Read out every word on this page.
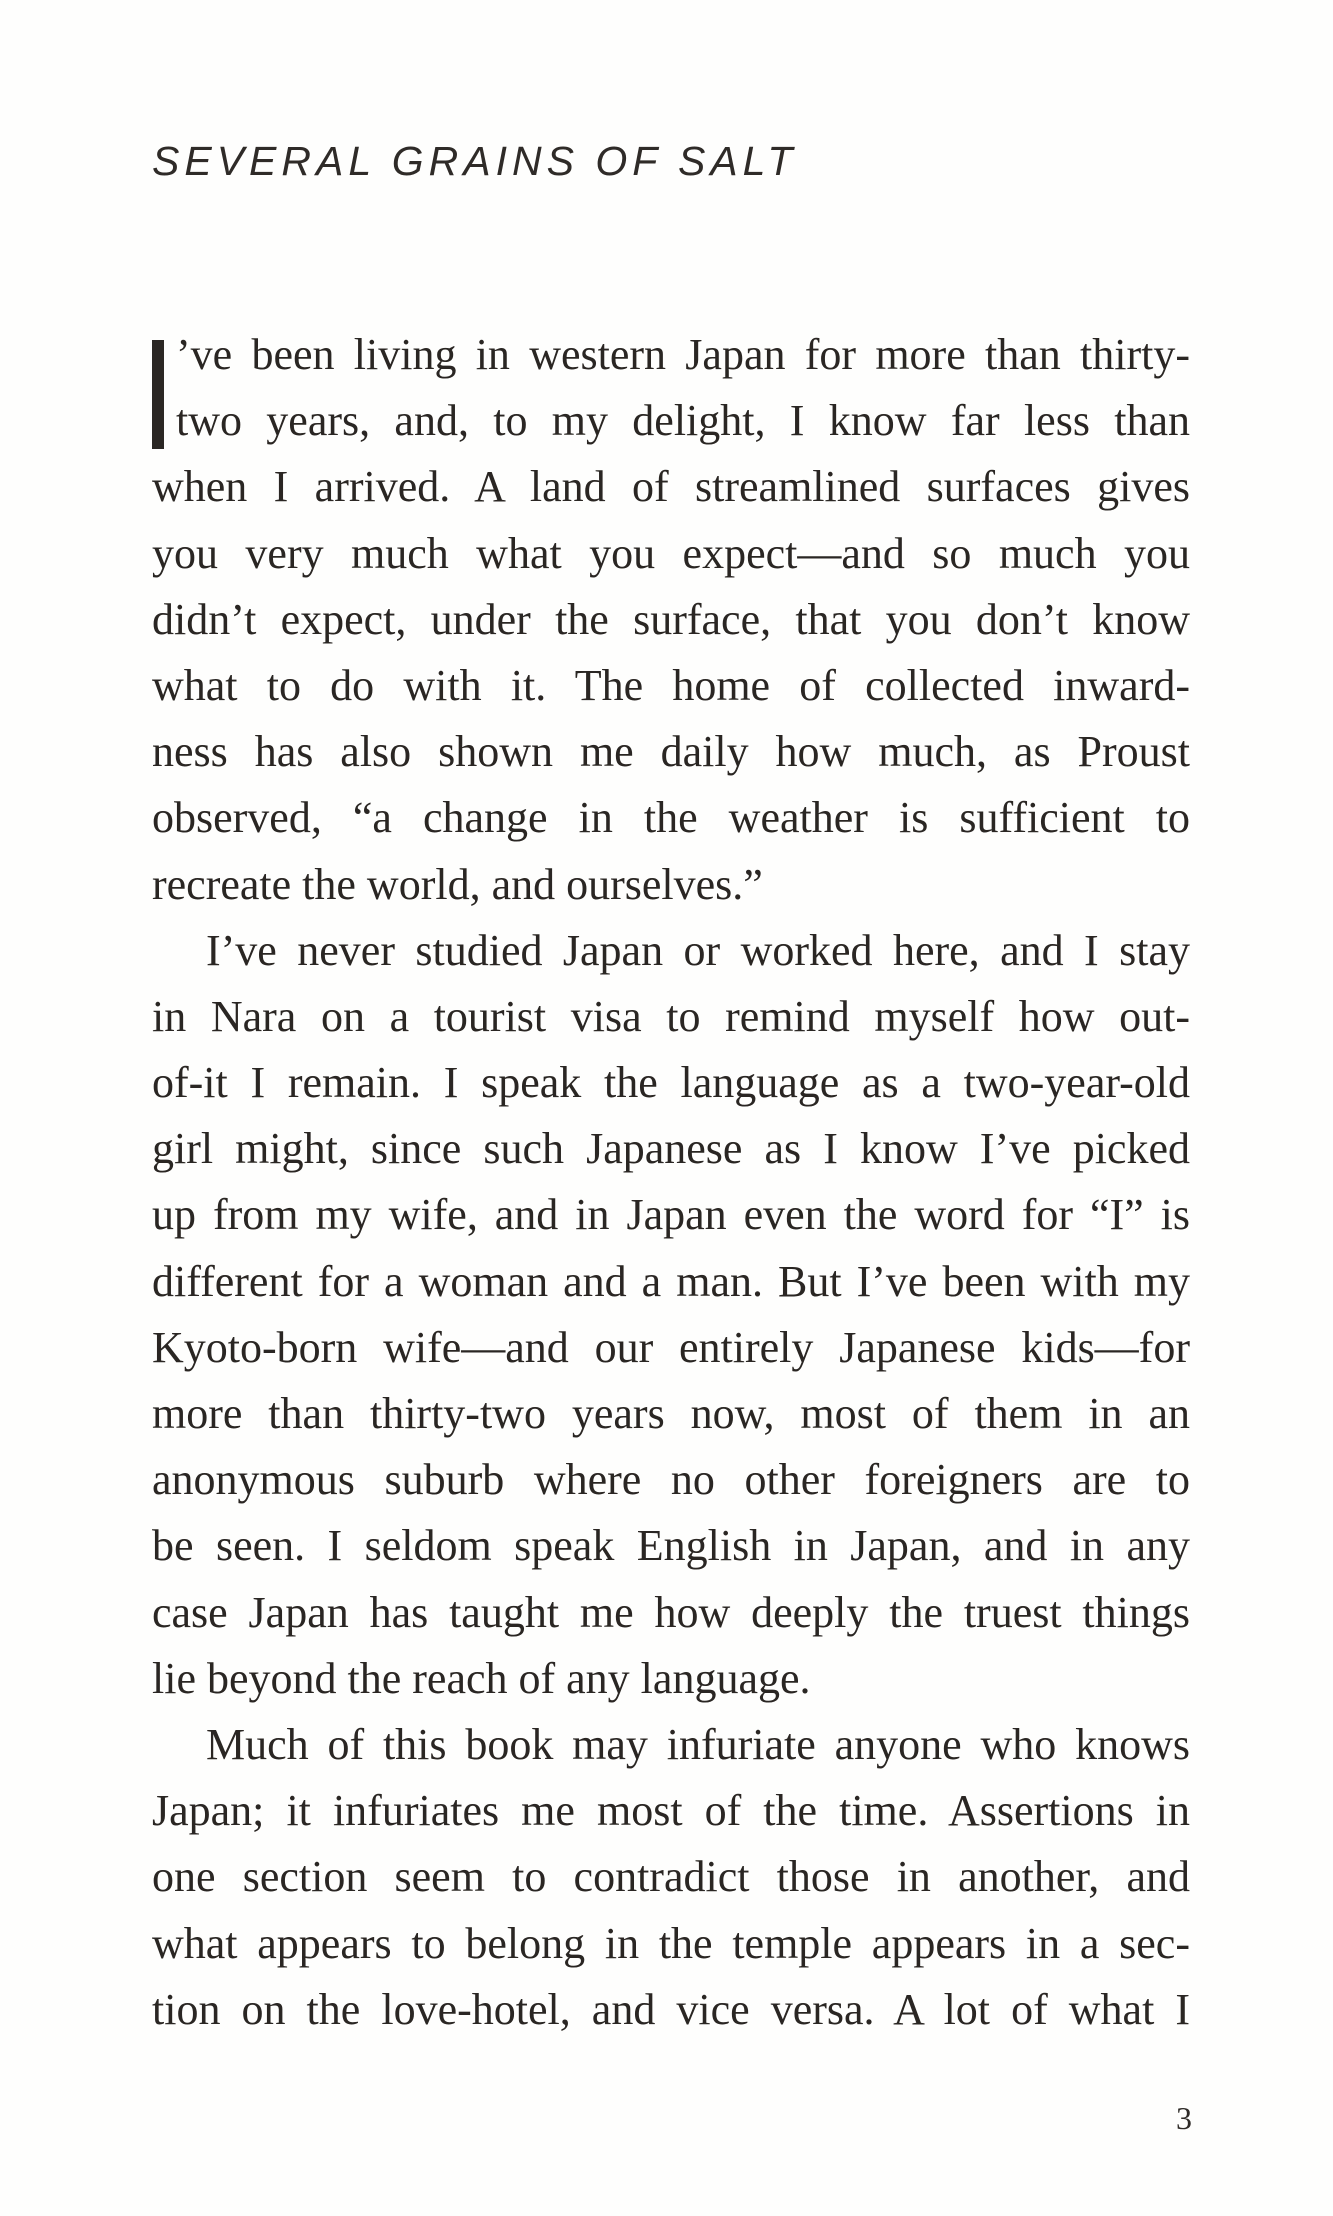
SEVERAL GRAINS OF SALT
’ve been living in western Japan for more than thirty-
two years, and, to my delight, I know far less than
when I arrived. A land of streamlined surfaces gives
you very much what you expect—and so much you
didn’t expect, under the surface, that you don’t know
what to do with it. The home of collected inward-
ness has also shown me daily how much, as Proust
observed, “a change in the weather is sufficient to
recreate the world, and ourselves.”
I’ve never studied Japan or worked here, and I stay
in Nara on a tourist visa to remind myself how out-
of-it I remain. I speak the language as a two-year-old
girl might, since such Japanese as I know I’ve picked
up from my wife, and in Japan even the word for “I” is
different for a woman and a man. But I’ve been with my
Kyoto-born wife—and our entirely Japanese kids—for
more than thirty-two years now, most of them in an
anonymous suburb where no other foreigners are to
be seen. I seldom speak English in Japan, and in any
case Japan has taught me how deeply the truest things
lie beyond the reach of any language.
Much of this book may infuriate anyone who knows
Japan; it infuriates me most of the time. Assertions in
one section seem to contradict those in another, and
what appears to belong in the temple appears in a sec-
tion on the love-hotel, and vice versa. A lot of what I
3
